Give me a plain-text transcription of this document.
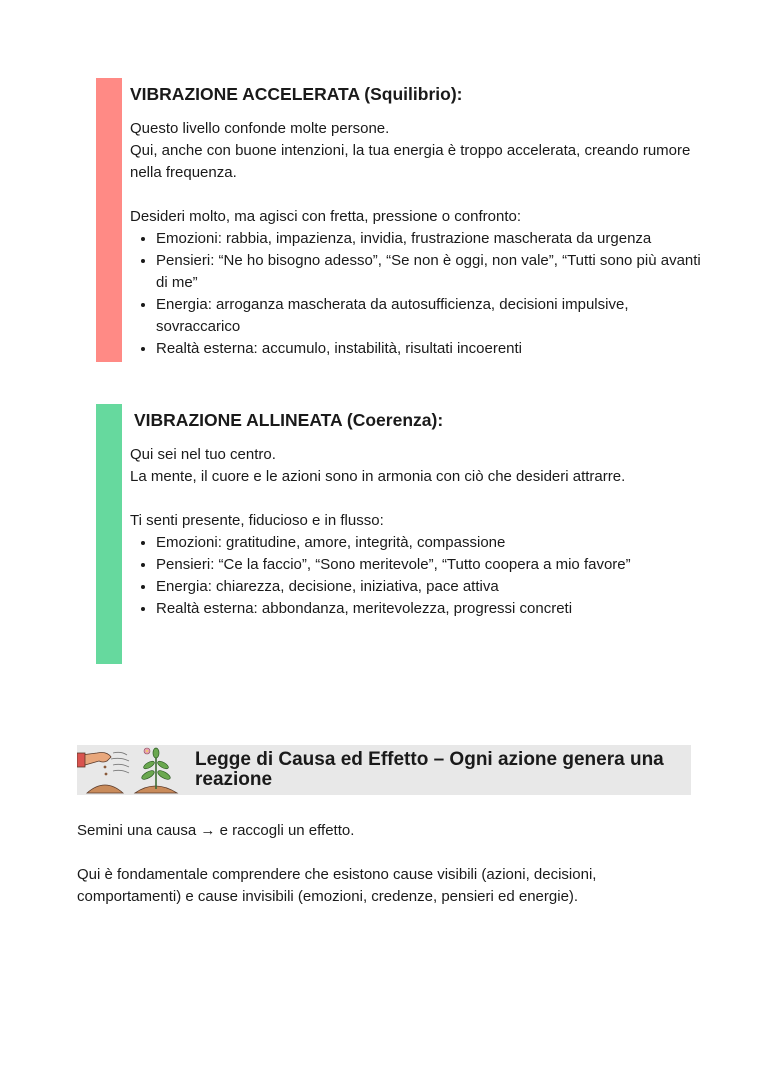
VIBRAZIONE ACCELERATA (Squilibrio):

Questo livello confonde molte persone.

Qui, anche con buone intenzioni, la tua energia è troppo accelerata, creando rumore nella frequenza.

Desideri molto, ma agisci con fretta, pressione o confronto:

• Emozioni: rabbia, impazienza, invidia, frustrazione mascherata da urgenza
• Pensieri: “Ne ho bisogno adesso”, “Se non è oggi, non vale”, “Tutti sono più avanti di me”
• Energia: arroganza mascherata da autosufficienza, decisioni impulsive, sovraccarico
• Realtà esterna: accumulo, instabilità, risultati incoerenti
VIBRAZIONE ALLINEATA (Coerenza):

Qui sei nel tuo centro.

La mente, il cuore e le azioni sono in armonia con ciò che desideri attrarre.

Ti senti presente, fiducioso e in flusso:

• Emozioni: gratitudine, amore, integrità, compassione
• Pensieri: “Ce la faccio”, “Sono meritevole”, “Tutto coopera a mio favore”
• Energia: chiarezza, decisione, iniziativa, pace attiva
• Realtà esterna: abbondanza, meritevolezza, progressi concreti
Legge di Causa ed Effetto – Ogni azione genera una reazione

Semini una causa → e raccogli un effetto.

Qui è fondamentale comprendere che esistono cause visibili (azioni, decisioni, comportamenti) e cause invisibili (emozioni, credenze, pensieri ed energie).
